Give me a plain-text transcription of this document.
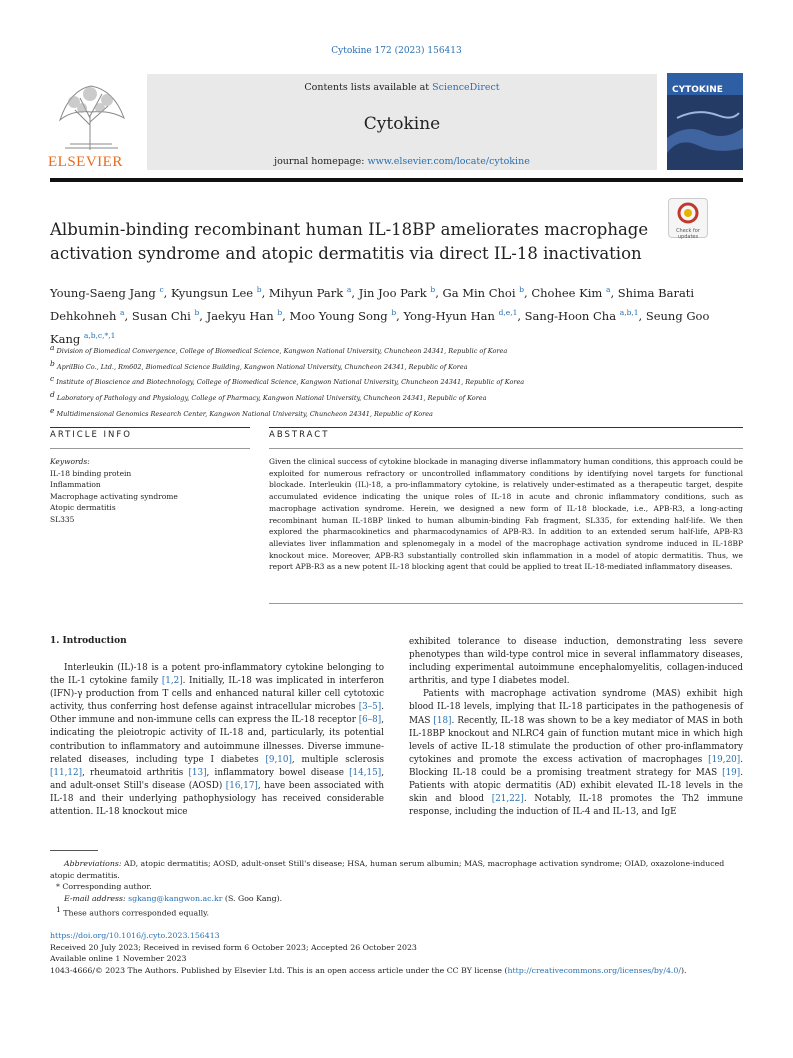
Cytokine 172 (2023) 156413
ELSEVIER
Contents lists available at ScienceDirect
Cytokine
journal homepage: www.elsevier.com/locate/cytokine
CYTOKINE
Albumin-binding recombinant human IL-18BP ameliorates macrophage activation syndrome and atopic dermatitis via direct IL-18 inactivation
Check for updates
Young-Saeng Jang $^c$, Kyungsun Lee $^b$, Mihyun Park $^a$, Jin Joo Park $^b$, Ga Min Choi $^b$, Chohee Kim $^a$, Shima Barati Dehkohneh $^a$, Susan Chi $^b$, Jaekyu Han $^b$, Moo Young Song $^b$, Yong-Hyun Han $^{d,e,1}$, Sang-Hoon Cha $^{a,b,1}$, Seung Goo Kang $^{a,b,c,*,1}$
$^a$ Division of Biomedical Convergence, College of Biomedical Science, Kangwon National University, Chuncheon 24341, Republic of Korea
$^b$ AprilBio Co., Ltd., Rm602, Biomedical Science Building, Kangwon National University, Chuncheon 24341, Republic of Korea
$^c$ Institute of Bioscience and Biotechnology, College of Biomedical Science, Kangwon National University, Chuncheon 24341, Republic of Korea
$^d$ Laboratory of Pathology and Physiology, College of Pharmacy, Kangwon National University, Chuncheon 24341, Republic of Korea
$^e$ Multidimensional Genomics Research Center, Kangwon National University, Chuncheon 24341, Republic of Korea
ARTICLE INFO	ABSTRACT
Keywords:
IL-18 binding protein
Inflammation
Macrophage activating syndrome
Atopic dermatitis
SL335
Given the clinical success of cytokine blockade in managing diverse inflammatory human conditions, this approach could be exploited for numerous refractory or uncontrolled inflammatory conditions by identifying novel targets for functional blockade. Interleukin (IL)-18, a pro-inflammatory cytokine, is relatively under-estimated as a therapeutic target, despite accumulated evidence indicating the unique roles of IL-18 in acute and chronic inflammatory conditions, such as macrophage activation syndrome. Herein, we designed a new form of IL-18 blockade, i.e., APB-R3, a long-acting recombinant human IL-18BP linked to human albumin-binding Fab fragment, SL335, for extending half-life. We then explored the pharmacokinetics and pharmacodynamics of APB-R3. In addition to an extended serum half-life, APB-R3 alleviates liver inflammation and splenomegaly in a model of the macrophage activation syndrome induced in IL-18BP knockout mice. Moreover, APB-R3 substantially controlled skin inflammation in a model of atopic dermatitis. Thus, we report APB-R3 as a new potent IL-18 blocking agent that could be applied to treat IL-18-mediated inflammatory diseases.
1. Introduction
Interleukin (IL)-18 is a potent pro-inflammatory cytokine belonging to the IL-1 cytokine family [1,2]. Initially, IL-18 was implicated in interferon (IFN)-γ production from T cells and enhanced natural killer cell cytotoxic activity, thus conferring host defense against intracellular microbes [3–5]. Other immune and non-immune cells can express the IL-18 receptor [6–8], indicating the pleiotropic activity of IL-18 and, particularly, its potential contribution to inflammatory and autoimmune illnesses. Diverse immune-related diseases, including type I diabetes [9,10], multiple sclerosis [11,12], rheumatoid arthritis [13], inflammatory bowel disease [14,15], and adult-onset Still's disease (AOSD) [16,17], have been associated with IL-18 and their underlying pathophysiology has received considerable attention. IL-18 knockout mice

exhibited tolerance to disease induction, demonstrating less severe phenotypes than wild-type control mice in several inflammatory diseases, including experimental autoimmune encephalomyelitis, collagen-induced arthritis, and type I diabetes model.

Patients with macrophage activation syndrome (MAS) exhibit high blood IL-18 levels, implying that IL-18 participates in the pathogenesis of MAS [18]. Recently, IL-18 was shown to be a key mediator of MAS in both IL-18BP knockout and NLRC4 gain of function mutant mice in which high levels of active IL-18 stimulate the production of other pro-inflammatory cytokines and promote the excess activation of macrophages [19,20]. Blocking IL-18 could be a promising treatment strategy for MAS [19]. Patients with atopic dermatitis (AD) exhibit elevated IL-18 levels in the skin and blood [21,22]. Notably, IL-18 promotes the Th2 immune response, including the induction of IL-4 and IL-13, and IgE

Abbreviations: AD, atopic dermatitis; AOSD, adult-onset Still's disease; HSA, human serum albumin; MAS, macrophage activation syndrome; OIAD, oxazolone-induced atopic dermatitis.

* Corresponding author.

E-mail address: sgkang@kangwon.ac.kr (S. Goo Kang).

$^1$ These authors corresponded equally.

https://doi.org/10.1016/j.cyto.2023.156413

Received 20 July 2023; Received in revised form 6 October 2023; Accepted 26 October 2023

Available online 1 November 2023

1043-4666/© 2023 The Authors. Published by Elsevier Ltd. This is an open access article under the CC BY license (http://creativecommons.org/licenses/by/4.0/).
